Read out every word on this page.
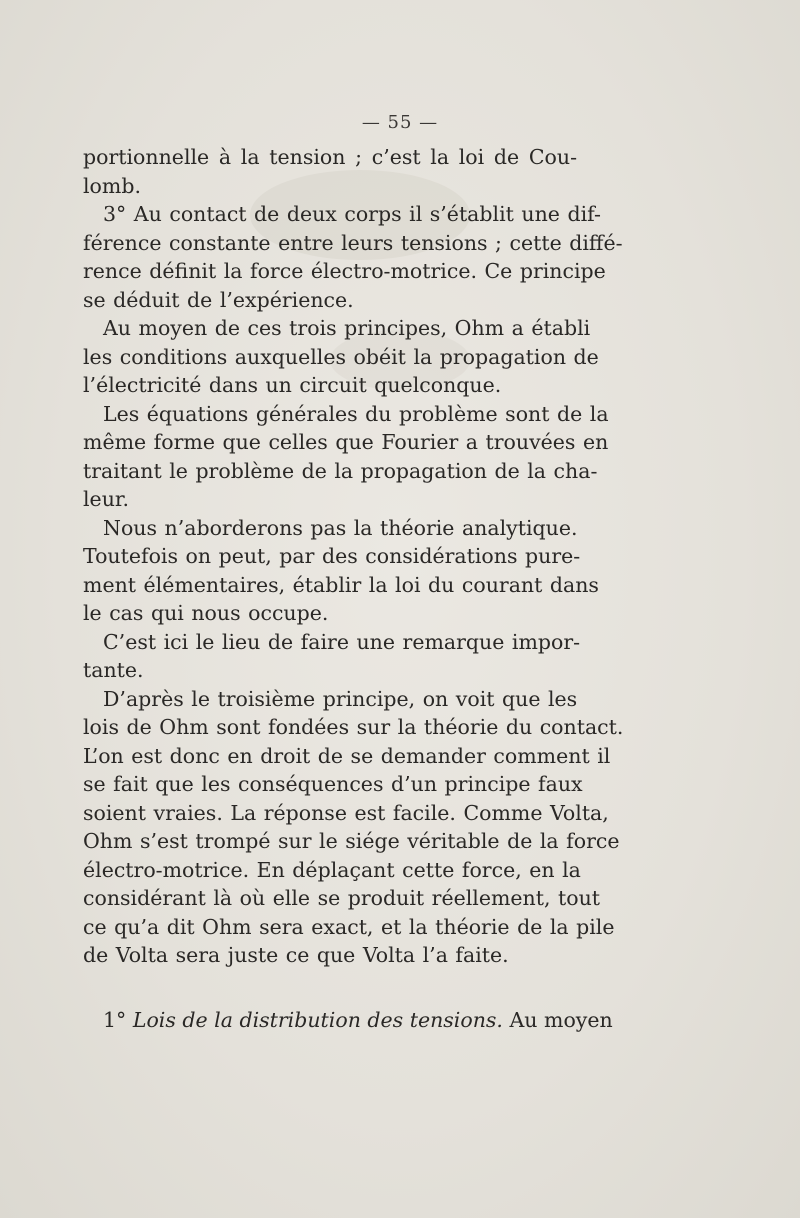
— 55 —
portionnelle à la tension ; c’est la loi de Cou-
lomb.
3° Au contact de deux corps il s’établit une dif-
férence constante entre leurs tensions ; cette diffé-
rence définit la force électro-motrice. Ce principe
se déduit de l’expérience.
Au moyen de ces trois principes, Ohm a établi
les conditions auxquelles obéit la propagation de
l’électricité dans un circuit quelconque.
Les équations générales du problème sont de la
même forme que celles que Fourier a trouvées en
traitant le problème de la propagation de la cha-
leur.
Nous n’aborderons pas la théorie analytique.
Toutefois on peut, par des considérations pure-
ment élémentaires, établir la loi du courant dans
le cas qui nous occupe.
C’est ici le lieu de faire une remarque impor-
tante.
D’après le troisième principe, on voit que les
lois de Ohm sont fondées sur la théorie du contact.
L’on est donc en droit de se demander comment il
se fait que les conséquences d’un principe faux
soient vraies. La réponse est facile. Comme Volta,
Ohm s’est trompé sur le siége véritable de la force
électro-motrice. En déplaçant cette force, en la
considérant là où elle se produit réellement, tout
ce qu’a dit Ohm sera exact, et la théorie de la pile
de Volta sera juste ce que Volta l’a faite.
1° Lois de la distribution des tensions. Au moyen
